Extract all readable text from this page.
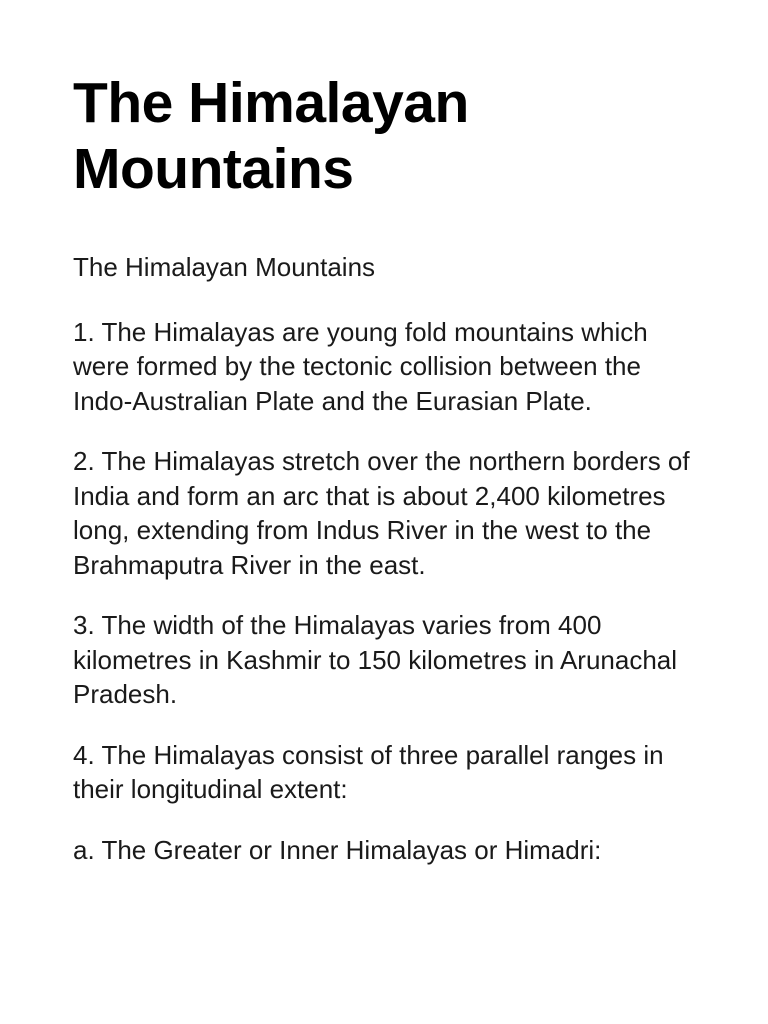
The Himalayan Mountains

The Himalayan Mountains

1. The Himalayas are young fold mountains which were formed by the tectonic collision between the Indo-Australian Plate and the Eurasian Plate.

2. The Himalayas stretch over the northern borders of India and form an arc that is about 2,400 kilometres long, extending from Indus River in the west to the Brahmaputra River in the east.

3. The width of the Himalayas varies from 400 kilometres in Kashmir to 150 kilometres in Arunachal Pradesh.

4. The Himalayas consist of three parallel ranges in their longitudinal extent:

a. The Greater or Inner Himalayas or Himadri:
